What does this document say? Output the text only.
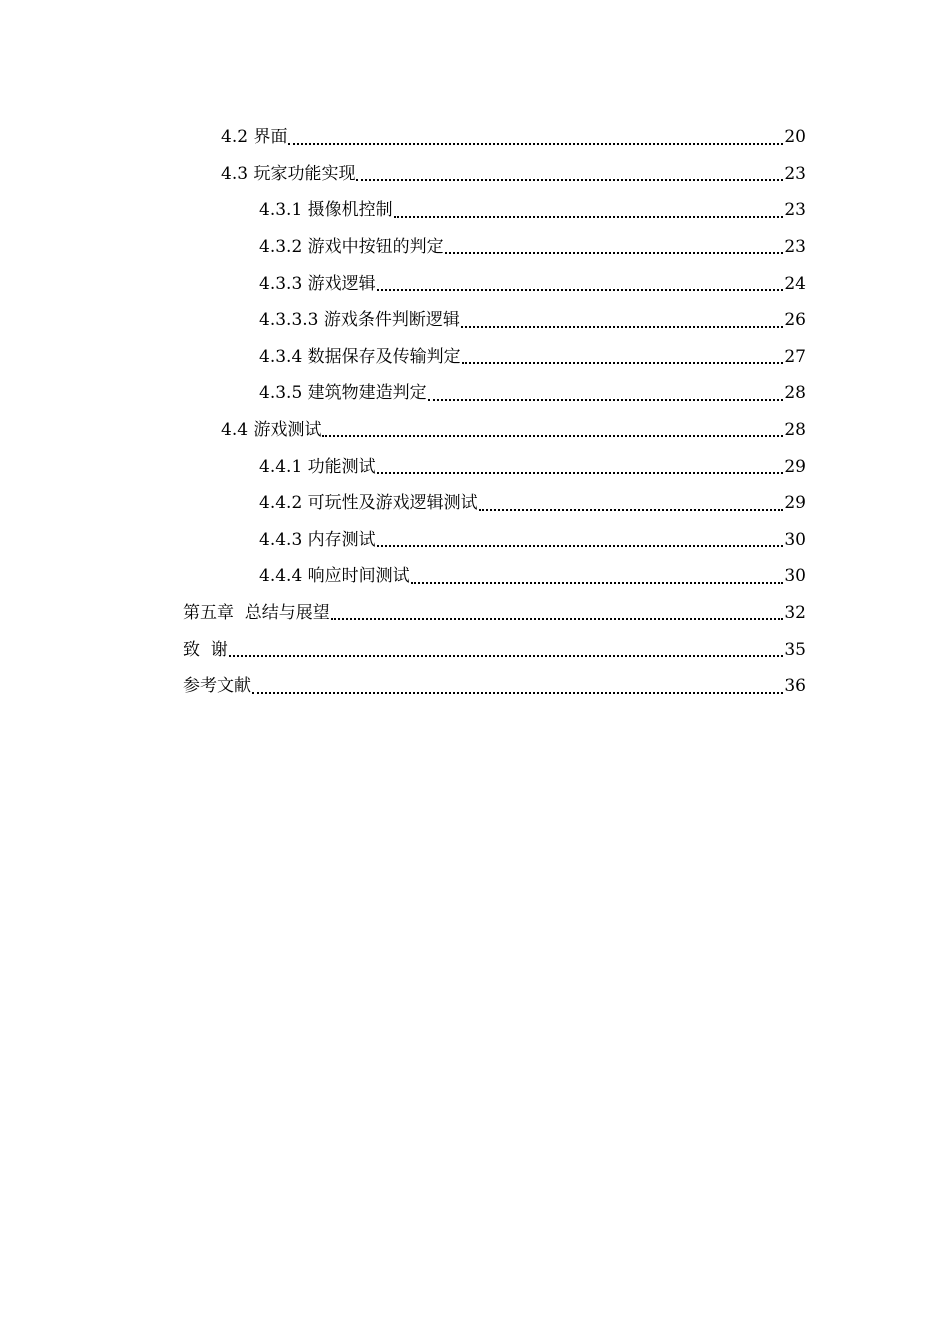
4.2 界面	20
4.3 玩家功能实现	23
4.3.1 摄像机控制	23
4.3.2 游戏中按钮的判定	23
4.3.3 游戏逻辑	24
4.3.3.3 游戏条件判断逻辑	26
4.3.4 数据保存及传输判定	27
4.3.5 建筑物建造判定	28
4.4 游戏测试	28
4.4.1 功能测试	29
4.4.2 可玩性及游戏逻辑测试	29
4.4.3 内存测试	30
4.4.4 响应时间测试	30
第五章  总结与展望	32
致  谢	35
参考文献	36
